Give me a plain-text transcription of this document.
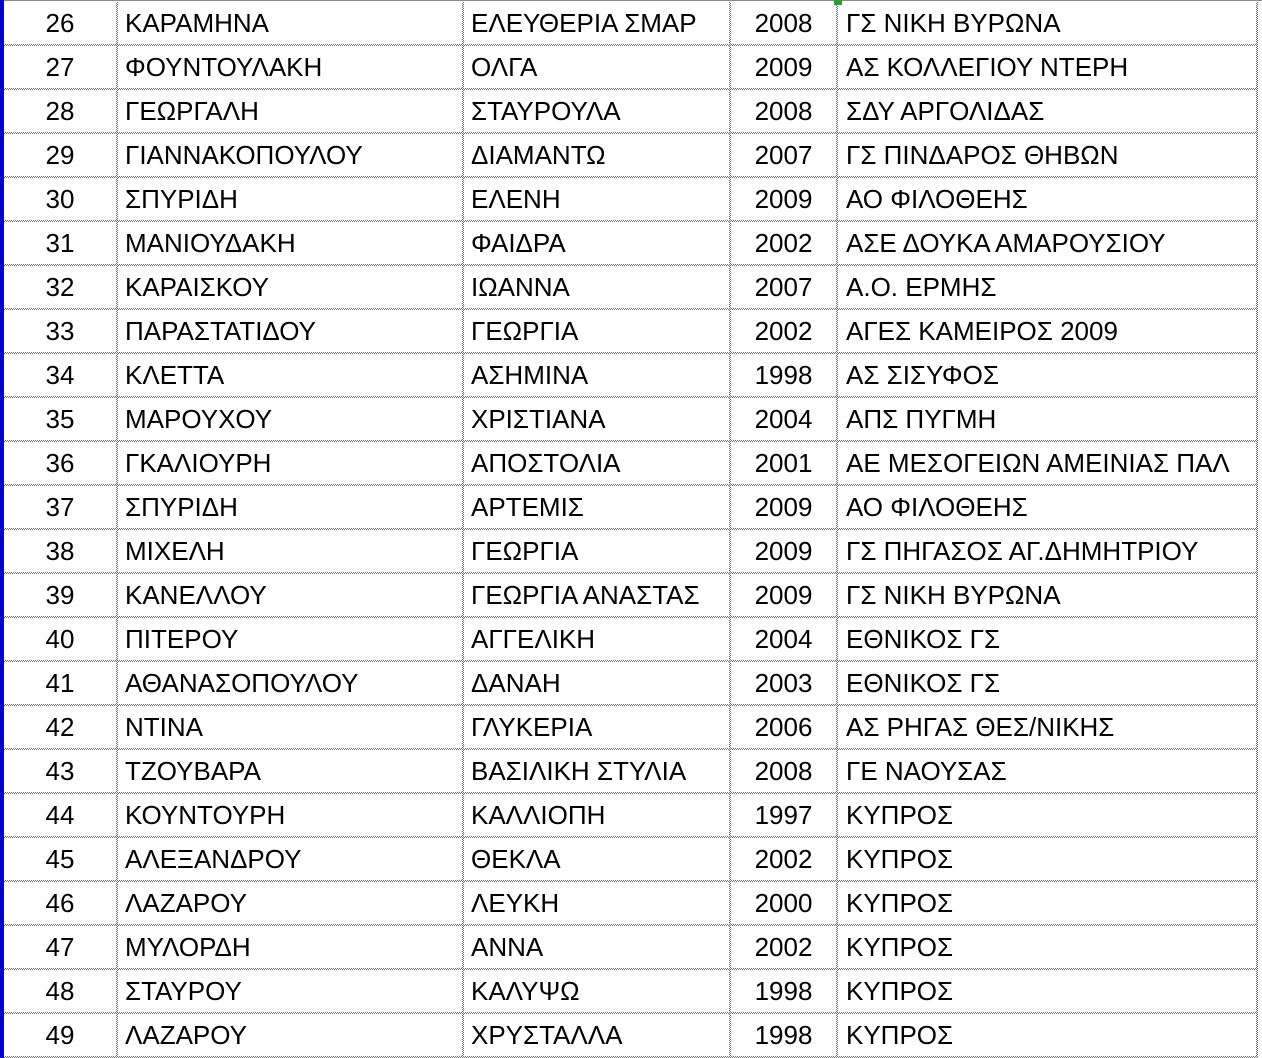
26	ΚΑΡΑΜΗΝΑ	ΕΛΕΥΘΕΡΙΑ ΣΜΑΡ	2008	ΓΣ ΝΙΚΗ ΒΥΡΩΝΑ
27	ΦΟΥΝΤΟΥΛΑΚΗ	ΟΛΓΑ	2009	ΑΣ ΚΟΛΛΕΓΙΟΥ ΝΤΕΡΗ
28	ΓΕΩΡΓΑΛΗ	ΣΤΑΥΡΟΥΛΑ	2008	ΣΔΥ ΑΡΓΟΛΙΔΑΣ
29	ΓΙΑΝΝΑΚΟΠΟΥΛΟΥ	ΔΙΑΜΑΝΤΩ	2007	ΓΣ ΠΙΝΔΑΡΟΣ ΘΗΒΩΝ
30	ΣΠΥΡΙΔΗ	ΕΛΕΝΗ	2009	ΑΟ ΦΙΛΟΘΕΗΣ
31	ΜΑΝΙΟΥΔΑΚΗ	ΦΑΙΔΡΑ	2002	ΑΣΕ ΔΟΥΚΑ ΑΜΑΡΟΥΣΙΟΥ
32	ΚΑΡΑΙΣΚΟΥ	ΙΩΑΝΝΑ	2007	Α.Ο. ΕΡΜΗΣ
33	ΠΑΡΑΣΤΑΤΙΔΟΥ	ΓΕΩΡΓΙΑ	2002	ΑΓΕΣ ΚΑΜΕΙΡΟΣ 2009
34	ΚΛΕΤΤΑ	ΑΣΗΜΙΝΑ	1998	ΑΣ ΣΙΣΥΦΟΣ
35	ΜΑΡΟΥΧΟΥ	ΧΡΙΣΤΙΑΝΑ	2004	ΑΠΣ ΠΥΓΜΗ
36	ΓΚΑΛΙΟΥΡΗ	ΑΠΟΣΤΟΛΙΑ	2001	ΑΕ ΜΕΣΟΓΕΙΩΝ ΑΜΕΙΝΙΑΣ ΠΑΛ
37	ΣΠΥΡΙΔΗ	ΑΡΤΕΜΙΣ	2009	ΑΟ ΦΙΛΟΘΕΗΣ
38	ΜΙΧΕΛΗ	ΓΕΩΡΓΙΑ	2009	ΓΣ ΠΗΓΑΣΟΣ ΑΓ.ΔΗΜΗΤΡΙΟΥ
39	ΚΑΝΕΛΛΟΥ	ΓΕΩΡΓΙΑ ΑΝΑΣΤΑΣ	2009	ΓΣ ΝΙΚΗ ΒΥΡΩΝΑ
40	ΠΙΤΕΡΟΥ	ΑΓΓΕΛΙΚΗ	2004	ΕΘΝΙΚΟΣ ΓΣ
41	ΑΘΑΝΑΣΟΠΟΥΛΟΥ	ΔΑΝΑΗ	2003	ΕΘΝΙΚΟΣ ΓΣ
42	ΝΤΙΝΑ	ΓΛΥΚΕΡΙΑ	2006	ΑΣ ΡΗΓΑΣ ΘΕΣ/ΝΙΚΗΣ
43	ΤΖΟΥΒΑΡΑ	ΒΑΣΙΛΙΚΗ ΣΤΥΛΙΑ	2008	ΓΕ ΝΑΟΥΣΑΣ
44	ΚΟΥΝΤΟΥΡΗ	ΚΑΛΛΙΟΠΗ	1997	ΚΥΠΡΟΣ
45	ΑΛΕΞΑΝΔΡΟΥ	ΘΕΚΛΑ	2002	ΚΥΠΡΟΣ
46	ΛΑΖΑΡΟΥ	ΛΕΥΚΗ	2000	ΚΥΠΡΟΣ
47	ΜΥΛΟΡΔΗ	ΑΝΝΑ	2002	ΚΥΠΡΟΣ
48	ΣΤΑΥΡΟΥ	ΚΑΛΥΨΩ	1998	ΚΥΠΡΟΣ
49	ΛΑΖΑΡΟΥ	ΧΡΥΣΤΑΛΛΑ	1998	ΚΥΠΡΟΣ
